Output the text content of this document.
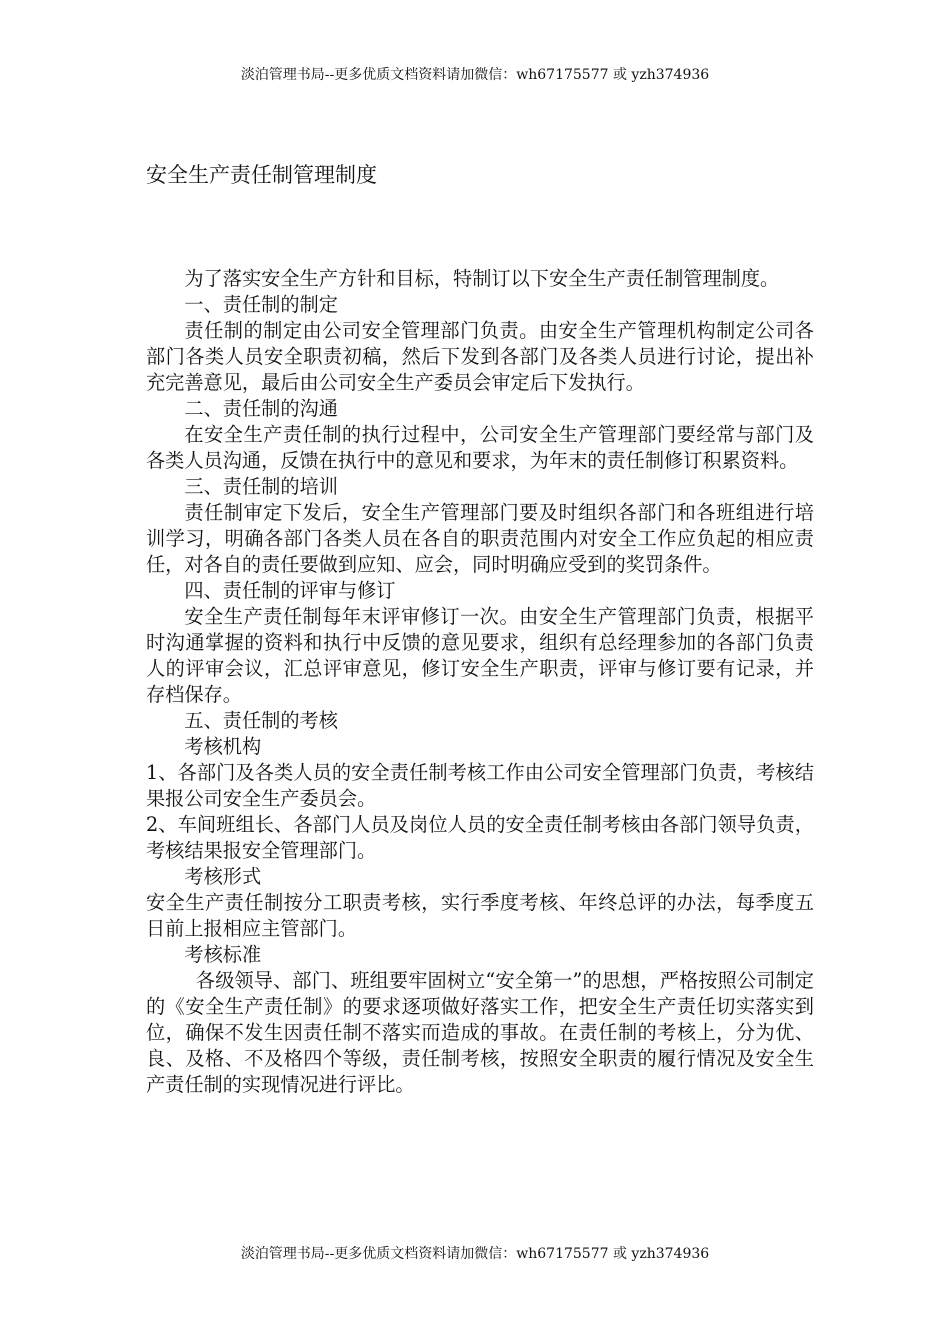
淡泊管理书局--更多优质文档资料请加微信：wh67175577 或 yzh374936
安全生产责任制管理制度

为了落实安全生产方针和目标，特制订以下安全生产责任制管理制度。

一、责任制的制定

责任制的制定由公司安全管理部门负责。由安全生产管理机构制定公司各部门各类人员安全职责初稿，然后下发到各部门及各类人员进行讨论，提出补充完善意见，最后由公司安全生产委员会审定后下发执行。

二、责任制的沟通

在安全生产责任制的执行过程中，公司安全生产管理部门要经常与部门及各类人员沟通，反馈在执行中的意见和要求，为年末的责任制修订积累资料。

三、责任制的培训

责任制审定下发后，安全生产管理部门要及时组织各部门和各班组进行培训学习，明确各部门各类人员在各自的职责范围内对安全工作应负起的相应责任，对各自的责任要做到应知、应会，同时明确应受到的奖罚条件。

四、责任制的评审与修订

安全生产责任制每年末评审修订一次。由安全生产管理部门负责，根据平时沟通掌握的资料和执行中反馈的意见要求，组织有总经理参加的各部门负责人的评审会议，汇总评审意见，修订安全生产职责，评审与修订要有记录，并存档保存。

五、责任制的考核

考核机构

1、各部门及各类人员的安全责任制考核工作由公司安全管理部门负责，考核结果报公司安全生产委员会。

2、车间班组长、各部门人员及岗位人员的安全责任制考核由各部门领导负责，考核结果报安全管理部门。

考核形式

安全生产责任制按分工职责考核，实行季度考核、年终总评的办法，每季度五日前上报相应主管部门。

考核标准

各级领导、部门、班组要牢固树立“安全第一”的思想，严格按照公司制定的《安全生产责任制》的要求逐项做好落实工作，把安全生产责任切实落实到位，确保不发生因责任制不落实而造成的事故。在责任制的考核上，分为优、良、及格、不及格四个等级，责任制考核，按照安全职责的履行情况及安全生产责任制的实现情况进行评比。

淡泊管理书局--更多优质文档资料请加微信：wh67175577 或 yzh374936
